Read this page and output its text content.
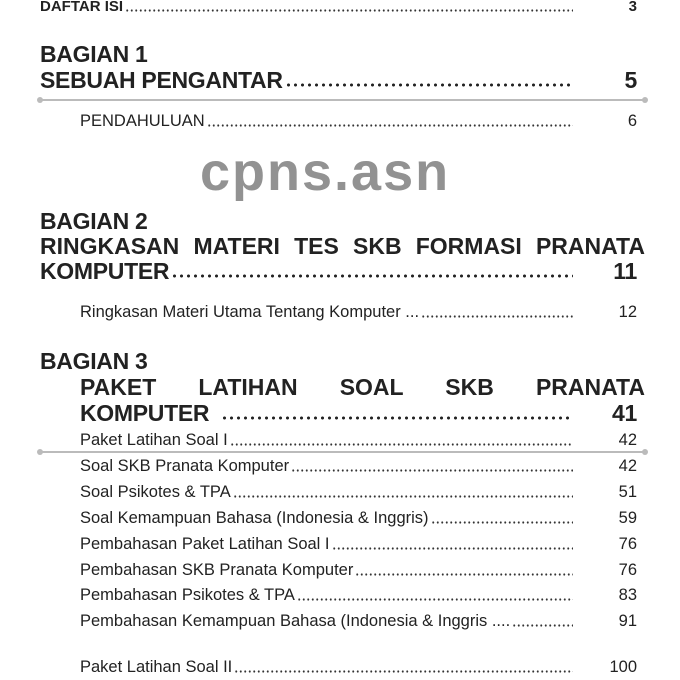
DAFTAR ISI	3
BAGIAN 1
SEBUAH PENGANTAR	5
PENDAHULUAN	6
BAGIAN 2
RINGKASAN MATERI TES SKB FORMASI PRANATA
KOMPUTER	11
Ringkasan Materi Utama Tentang Komputer ...	12
BAGIAN 3
PAKET LATIHAN SOAL SKB PRANATA
KOMPUTER	41
Paket Latihan Soal I	42
Soal SKB Pranata Komputer	42
Soal Psikotes & TPA	51
Soal Kemampuan Bahasa (Indonesia & Inggris)	59
Pembahasan Paket Latihan Soal I	76
Pembahasan SKB Pranata Komputer	76
Pembahasan Psikotes & TPA	83
Pembahasan Kemampuan Bahasa (Indonesia & Inggris ....	91
Paket Latihan Soal II	100
cpns.asn
